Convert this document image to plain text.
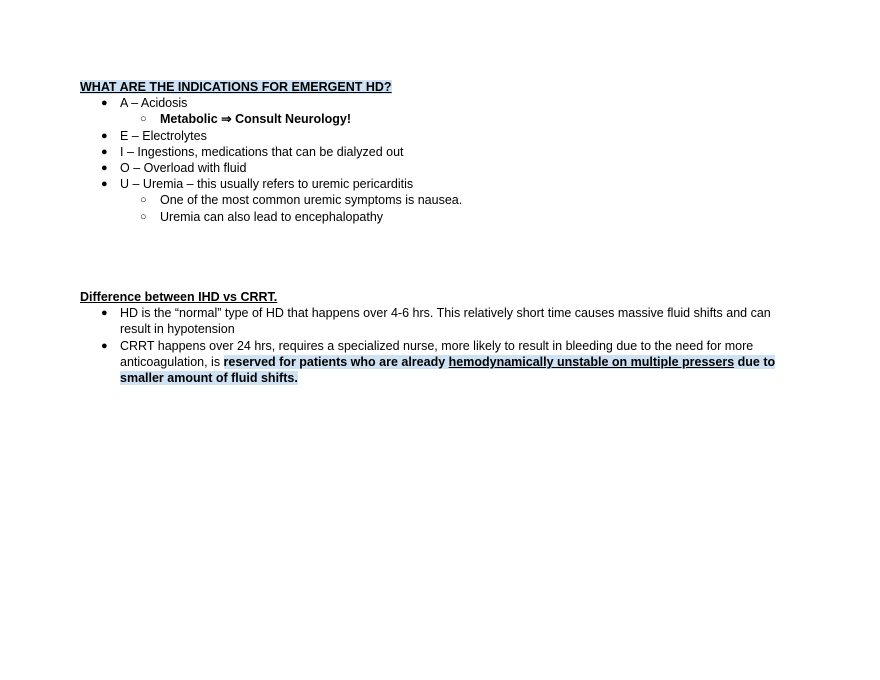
WHAT ARE THE INDICATIONS FOR EMERGENT HD?

● A – Acidosis
○ Metabolic ⇒ Consult Neurology!
● E – Electrolytes
● I – Ingestions, medications that can be dialyzed out
● O – Overload with fluid
● U – Uremia – this usually refers to uremic pericarditis
○ One of the most common uremic symptoms is nausea.
○ Uremia can also lead to encephalopathy

Difference between IHD vs CRRT.

● HD is the “normal” type of HD that happens over 4-6 hrs. This relatively short time causes massive fluid shifts and can result in hypotension
● CRRT happens over 24 hrs, requires a specialized nurse, more likely to result in bleeding due to the need for more anticoagulation, is reserved for patients who are already hemodynamically unstable on multiple pressers due to smaller amount of fluid shifts.
